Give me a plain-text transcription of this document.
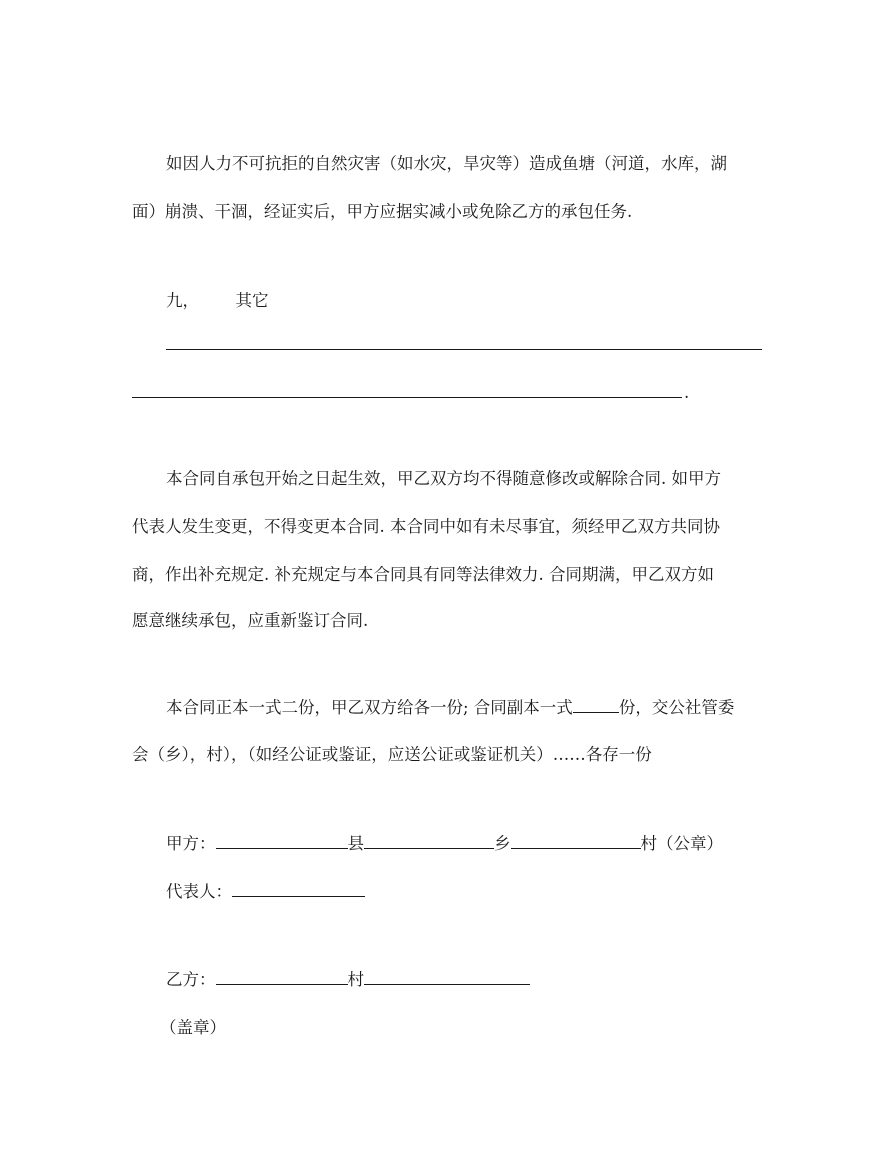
如因人力不可抗拒的自然灾害（如水灾，旱灾等）造成鱼塘（河道，水库，湖
面）崩溃、干涸，经证实后，甲方应据实减小或免除乙方的承包任务.
九， 其它
.
本合同自承包开始之日起生效，甲乙双方均不得随意修改或解除合同. 如甲方
代表人发生变更，不得变更本合同. 本合同中如有未尽事宜，须经甲乙双方共同协
商，作出补充规定. 补充规定与本合同具有同等法律效力. 合同期满，甲乙双方如
愿意继续承包，应重新鉴订合同.
本合同正本一式二份，甲乙双方给各一份; 合同副本一式	份，交公社管委
会（乡），村），（如经公证或鉴证，应送公证或鉴证机关）……各存一份
甲方：	县	乡	村（公章）
代表人：
乙方：	村
（盖章）
